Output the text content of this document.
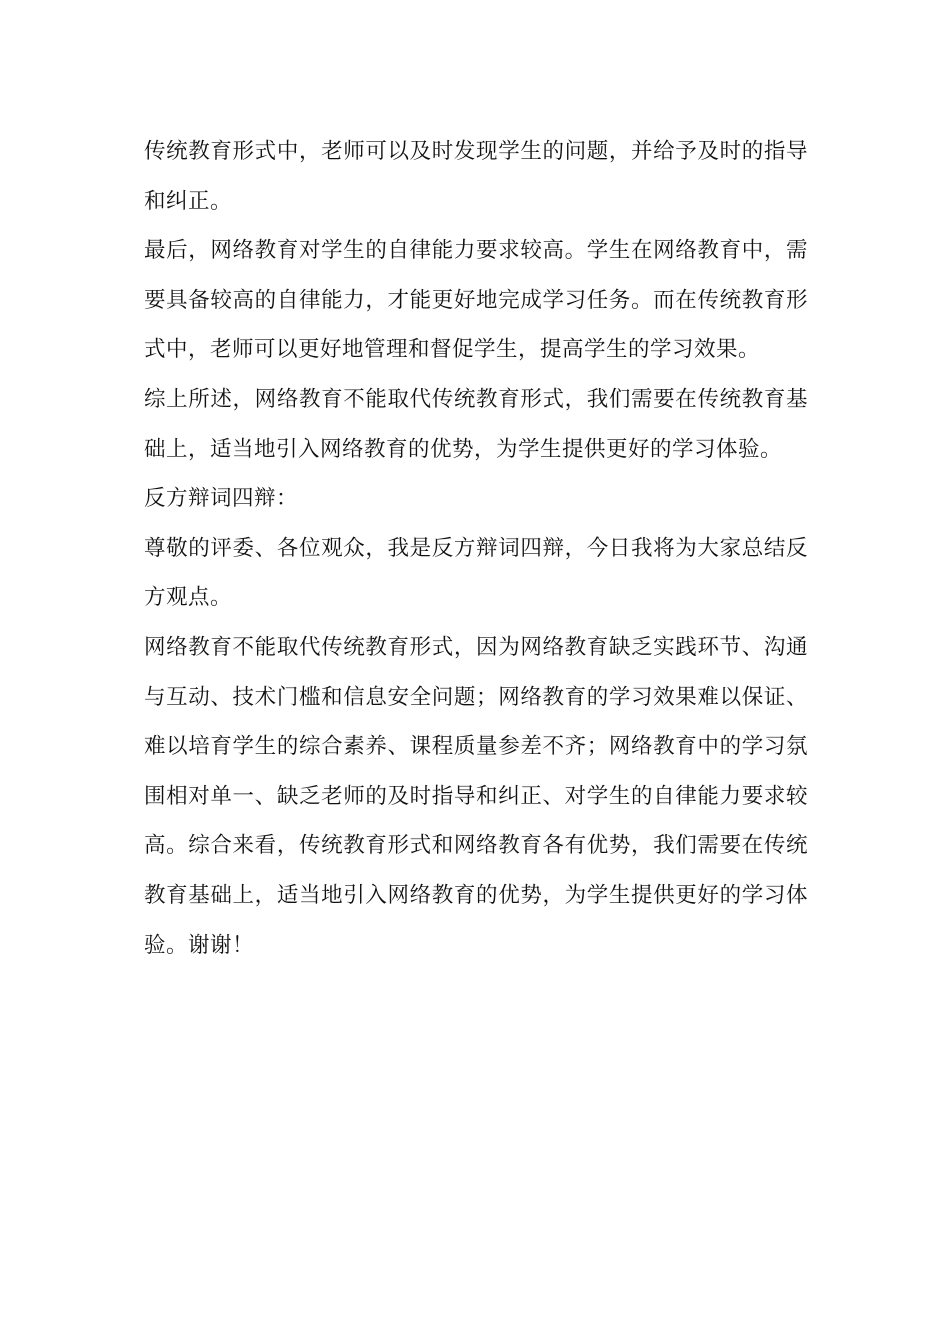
传统教育形式中，老师可以及时发现学生的问题，并给予及时的指导和纠正。

最后，网络教育对学生的自律能力要求较高。学生在网络教育中，需要具备较高的自律能力，才能更好地完成学习任务。而在传统教育形式中，老师可以更好地管理和督促学生，提高学生的学习效果。

综上所述，网络教育不能取代传统教育形式，我们需要在传统教育基础上，适当地引入网络教育的优势，为学生提供更好的学习体验。

反方辩词四辩：

尊敬的评委、各位观众，我是反方辩词四辩，今日我将为大家总结反方观点。

网络教育不能取代传统教育形式，因为网络教育缺乏实践环节、沟通与互动、技术门槛和信息安全问题；网络教育的学习效果难以保证、难以培育学生的综合素养、课程质量参差不齐；网络教育中的学习氛围相对单一、缺乏老师的及时指导和纠正、对学生的自律能力要求较高。综合来看，传统教育形式和网络教育各有优势，我们需要在传统教育基础上，适当地引入网络教育的优势，为学生提供更好的学习体验。谢谢！
